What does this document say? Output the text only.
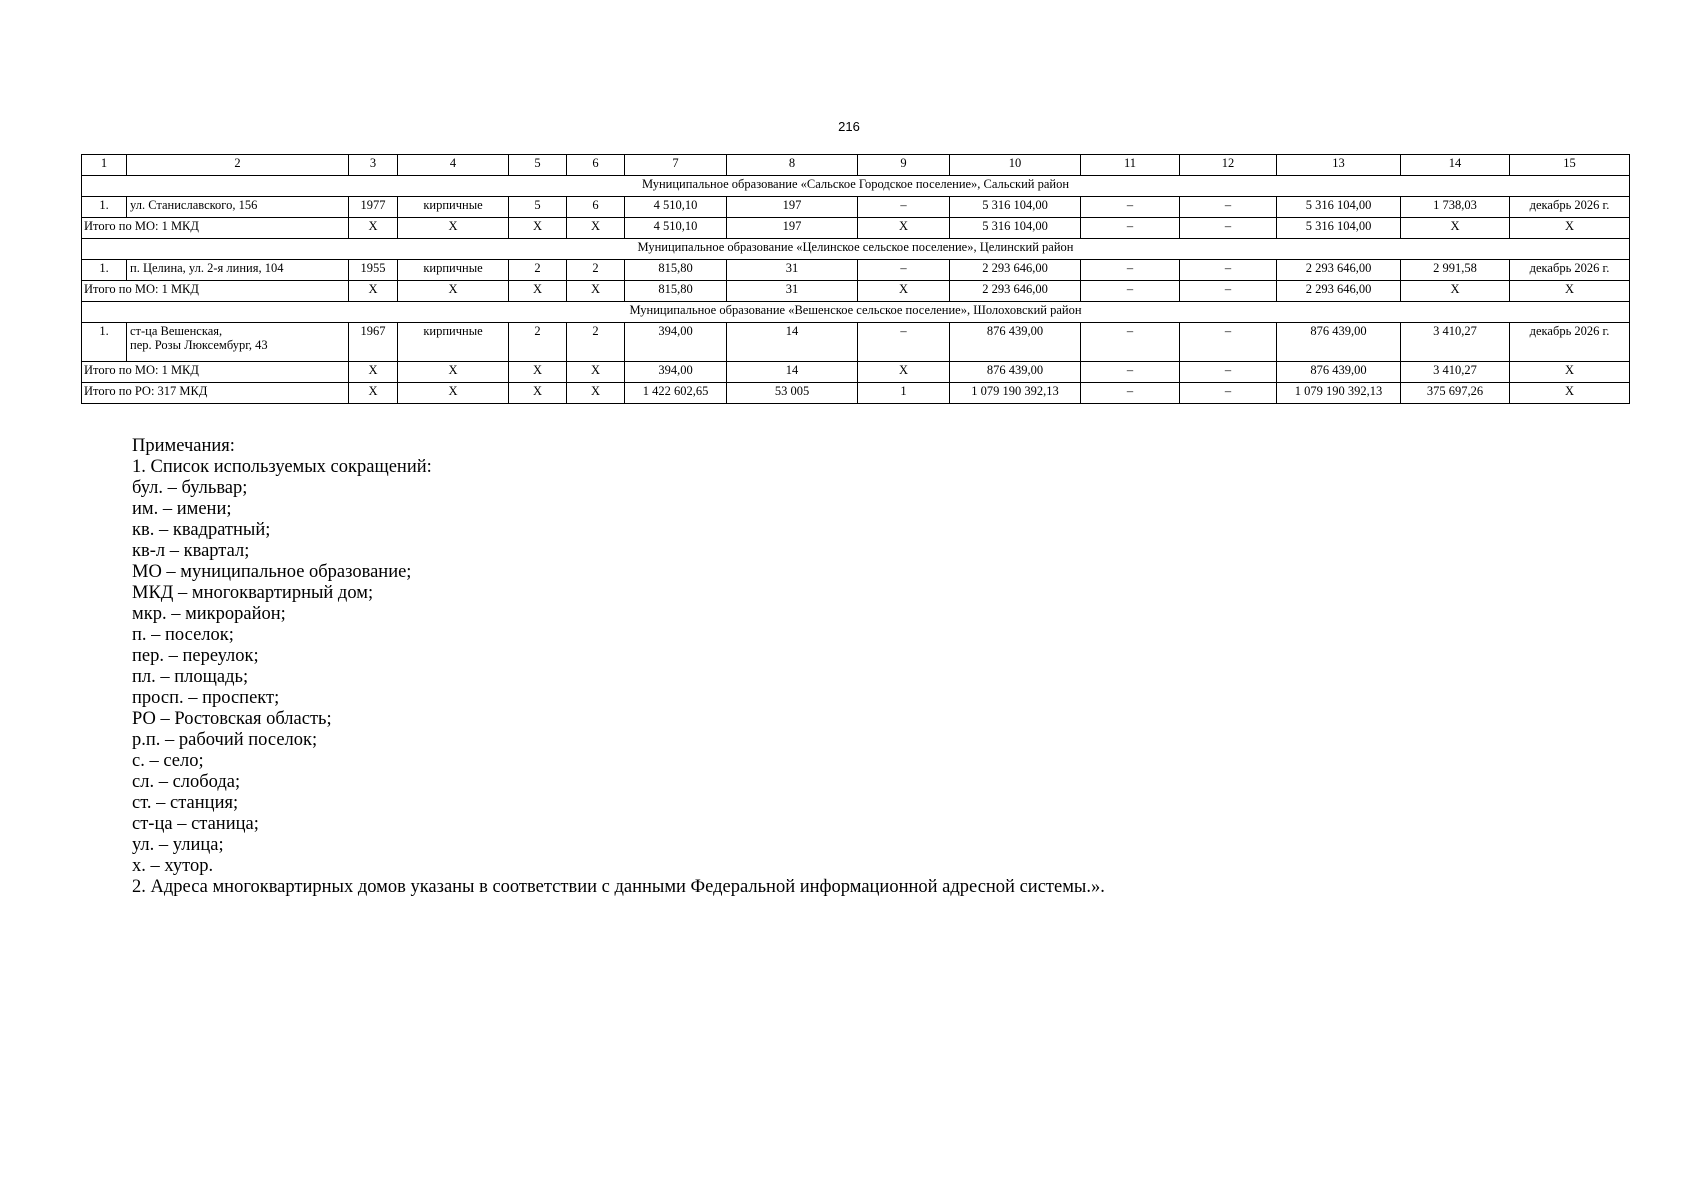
216
1	2	3	4	5	6	7	8	9	10	11	12	13	14	15
Муниципальное образование «Сальское Городское поселение», Сальский район														
1.	ул. Станиславского, 156	1977	кирпичные	5	6	4 510,10	197	–	5 316 104,00	–	–	5 316 104,00	1 738,03	декабрь 2026 г.
Итого по МО: 1 МКД		X	X	X	X	4 510,10	197	X	5 316 104,00	–	–	5 316 104,00	X	X
Муниципальное образование «Целинское сельское поселение», Целинский район														
1.	п. Целина, ул. 2-я линия, 104	1955	кирпичные	2	2	815,80	31	–	2 293 646,00	–	–	2 293 646,00	2 991,58	декабрь 2026 г.
Итого по МО: 1 МКД		X	X	X	X	815,80	31	X	2 293 646,00	–	–	2 293 646,00	X	X
Муниципальное образование «Вешенское сельское поселение», Шолоховский район														
1.	ст-ца Вешенская,
пер. Розы Люксембург, 43	1967	кирпичные	2	2	394,00	14	–	876 439,00	–	–	876 439,00	3 410,27	декабрь 2026 г.
Итого по МО: 1 МКД		X	X	X	X	394,00	14	X	876 439,00	–	–	876 439,00	3 410,27	X
Итого по РО: 317 МКД		X	X	X	X	1 422 602,65	53 005	1	1 079 190 392,13	–	–	1 079 190 392,13	375 697,26	X
Примечания:
1. Список используемых сокращений:
бул. – бульвар;
им. – имени;
кв. – квадратный;
кв-л – квартал;
МО – муниципальное образование;
МКД – многоквартирный дом;
мкр. – микрорайон;
п. – поселок;
пер. – переулок;
пл. – площадь;
просп. – проспект;
РО – Ростовская область;
р.п. – рабочий поселок;
с. – село;
сл. – слобода;
ст. – станция;
ст-ца – станица;
ул. – улица;
х. – хутор.
2. Адреса многоквартирных домов указаны в соответствии с данными Федеральной информационной адресной системы.».
